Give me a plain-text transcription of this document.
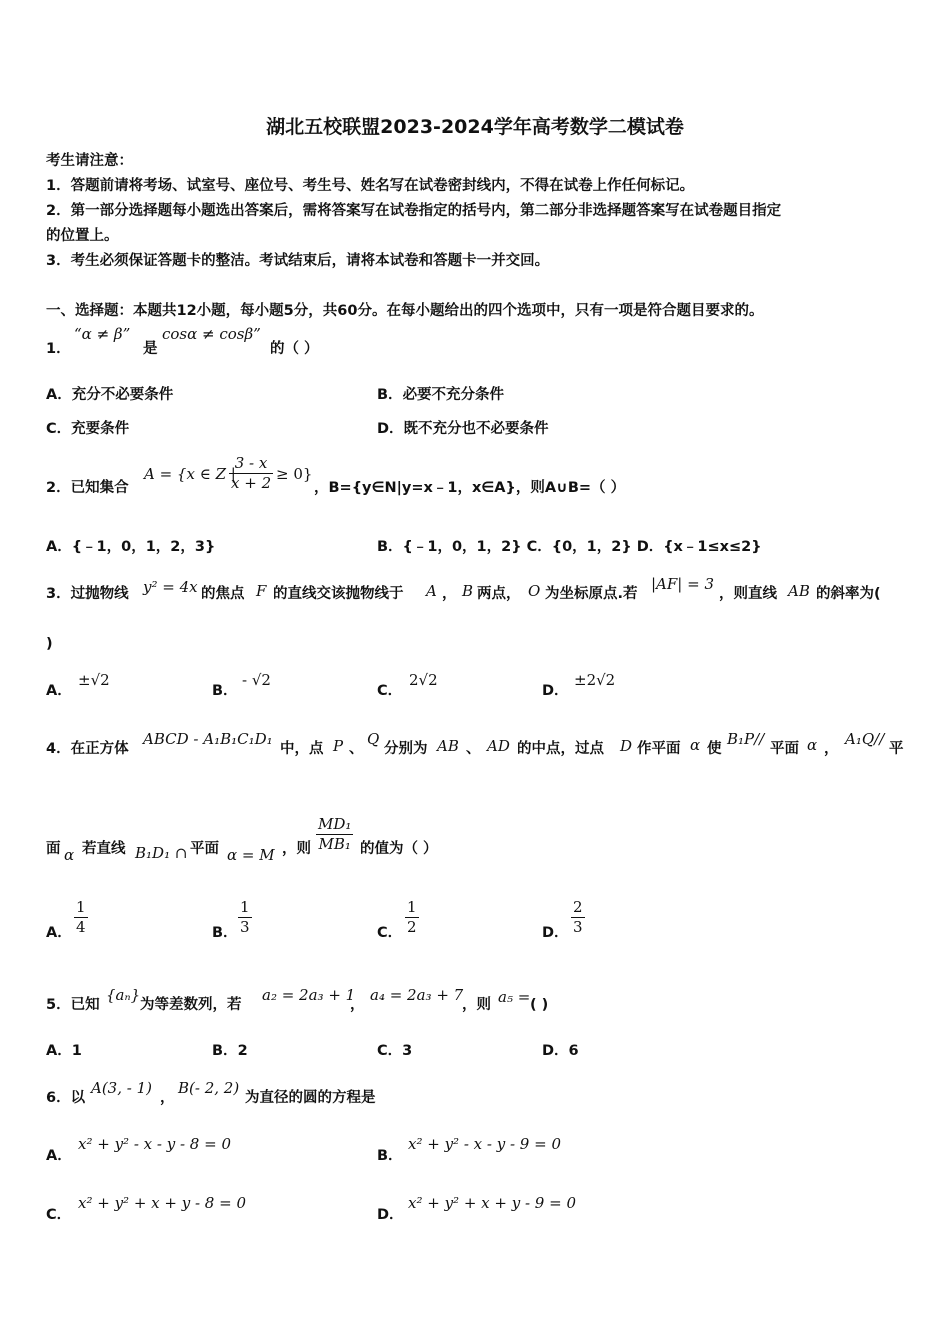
湖北五校联盟2023-2024学年高考数学二模试卷
考生请注意：
1．答题前请将考场、试室号、座位号、考生号、姓名写在试卷密封线内，不得在试卷上作任何标记。
2．第一部分选择题每小题选出答案后，需将答案写在试卷指定的括号内，第二部分非选择题答案写在试卷题目指定
的位置上。
3．考生必须保证答题卡的整洁。考试结束后，请将本试卷和答题卡一并交回。
一、选择题：本题共12小题，每小题5分，共60分。在每小题给出的四个选项中，只有一项是符合题目要求的。
1．
“α ≠ β”
是
cosα ≠ cosβ”
的（ ）
A．充分不必要条件	B．必要不充分条件
C．充要条件	D．既不充分也不必要条件
2．已知集合
A = {x ∈ Z |
$\frac{3 - x}{x + 2} \ge 0$}
，B={y∈N|y=x﹣1，x∈A}，则A∪B=（ ）
A．{﹣1，0，1，2，3}	B．{﹣1，0，1，2} C．{0，1，2} D．{x﹣1≤x≤2}
3．过抛物线 y² = 4x 的焦点 F 的直线交该抛物线于 A ， B 两点， O 为坐标原点.若
|AF| = 3
，则直线 AB 的斜率为(
)
A．
±√2
B．
- √2
C．
2√2
D．
±2√2
4．在正方体
ABCD - A₁B₁C₁D₁
中，点 P 、
Q
分别为 AB 、 AD 的中点，过点 D 作平面 α 使
B₁P//
平面 α ，
A₁Q//
平
面 α 若直线 B₁D₁ ∩ 平面 α = M ，则 $\frac{\text{MD₁}}{\text{MB₁}}$ 的值为（ ）
A． $\frac{1}{4}$	B． $\frac{1}{3}$	C． $\frac{1}{2}$	D． $\frac{2}{3}$
5．已知
{aₙ}
为等差数列，若
a₂ = 2a₃ + 1
，
a₄ = 2a₃ + 7
，则 a₅ = ( )
A．1	B．2	C．3	D．6
6．以
A(3, - 1)
，
B(- 2, 2)
为直径的圆的方程是
A．
x² + y² - x - y - 8 = 0
B．
x² + y² - x - y - 9 = 0
C．
x² + y² + x + y - 8 = 0
D．
x² + y² + x + y - 9 = 0
